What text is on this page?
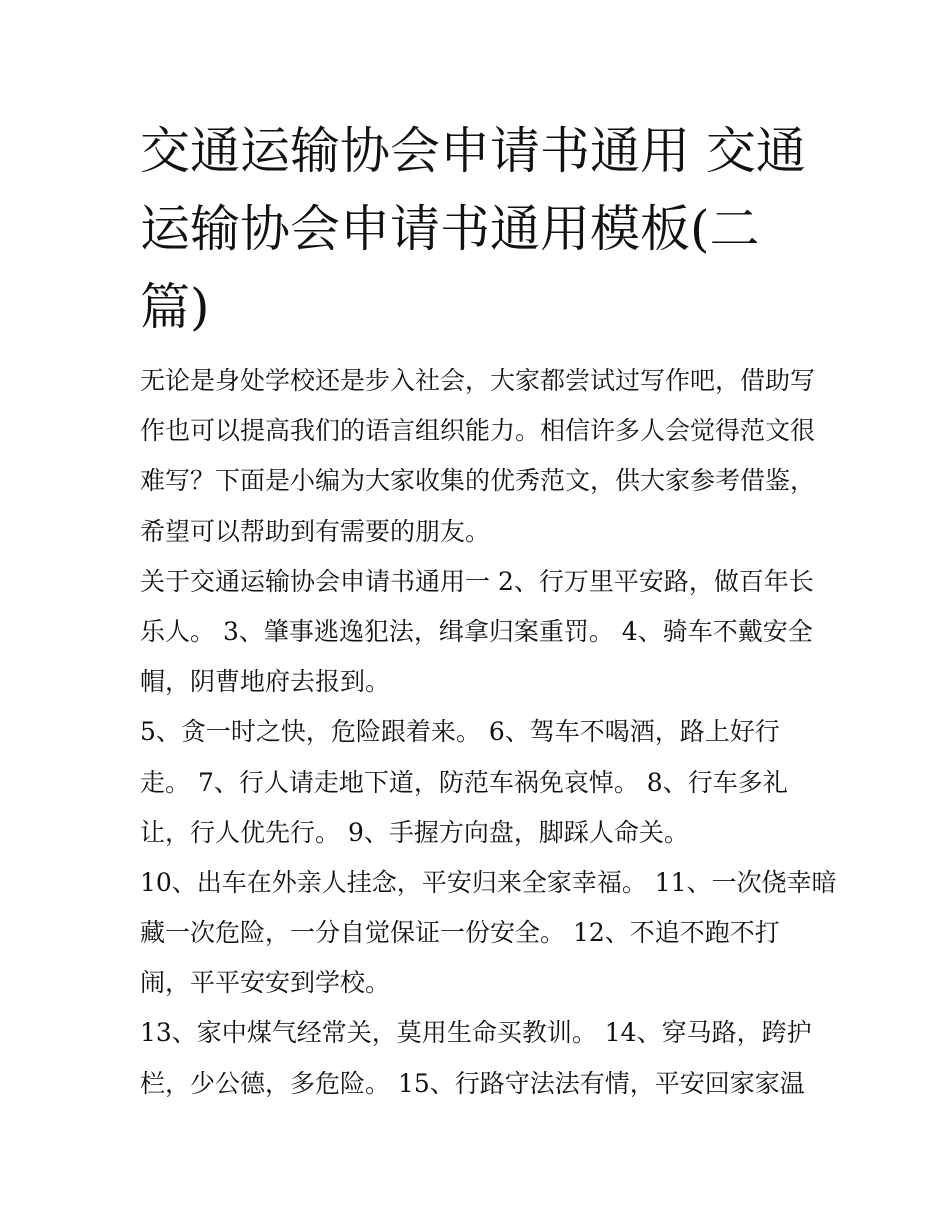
交通运输协会申请书通用 交通
运输协会申请书通用模板(二
篇)

无论是身处学校还是步入社会，大家都尝试过写作吧，借助写
作也可以提高我们的语言组织能力。相信许多人会觉得范文很
难写？下面是小编为大家收集的优秀范文，供大家参考借鉴，
希望可以帮助到有需要的朋友。

关于交通运输协会申请书通用一 2、行万里平安路，做百年长
乐人。 3、肇事逃逸犯法，缉拿归案重罚。 4、骑车不戴安全
帽，阴曹地府去报到。

5、贪一时之快，危险跟着来。 6、驾车不喝酒，路上好行
走。 7、行人请走地下道，防范车祸免哀悼。 8、行车多礼
让，行人优先行。 9、手握方向盘，脚踩人命关。

10、出车在外亲人挂念，平安归来全家幸福。 11、一次侥幸暗
藏一次危险，一分自觉保证一份安全。 12、不追不跑不打
闹，平平安安到学校。

13、家中煤气经常关，莫用生命买教训。 14、穿马路，跨护
栏，少公德，多危险。 15、行路守法法有情，平安回家家温
